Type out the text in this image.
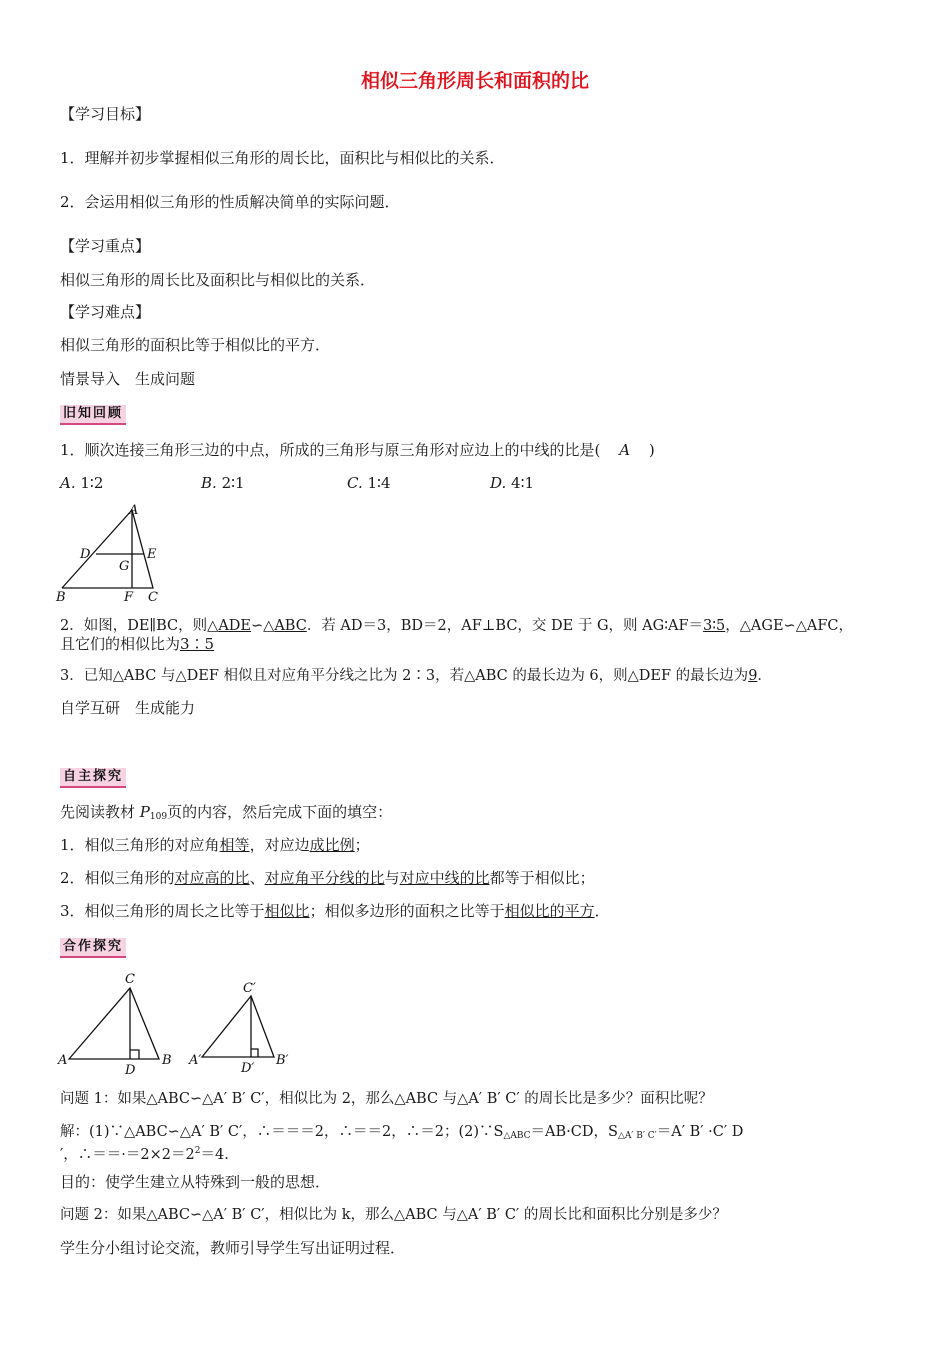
相似三角形周长和面积的比
【学习目标】
1．理解并初步掌握相似三角形的周长比，面积比与相似比的关系．
2．会运用相似三角形的性质解决简单的实际问题．
【学习重点】
相似三角形的周长比及面积比与相似比的关系．
【学习难点】
相似三角形的面积比等于相似比的平方．
情景导入　生成问题
旧知回顾
1．顺次连接三角形三边的中点，所成的三角形与原三角形对应边上的中线的比是( A )
A. 1∶2	B. 2∶1	C. 1∶4	D. 4∶1
A
D	E
G
B	F C
2．如图，DE∥BC，则△ADE∽△ABC．若 AD＝3，BD＝2，AF⊥BC，交 DE 于 G，则 AG∶AF＝3∶5，△AGE∽△AFC，
且它们的相似比为3∶5
3．已知△ABC 与△DEF 相似且对应角平分线之比为 2∶3，若△ABC 的最长边为 6，则△DEF 的最长边为9．
自学互研　生成能力
自主探究
先阅读教材 $P_{109}$页的内容，然后完成下面的填空：
1．相似三角形的对应角相等，对应边成比例；
2．相似三角形的对应高的比、对应角平分线的比与对应中线的比都等于相似比；
3．相似三角形的周长之比等于相似比；相似多边形的面积之比等于相似比的平方．
合作探究
C
A
D
B
C′
A′
D′
B′
问题 1：如果△ABC∽△A′ B′ C′，相似比为 2，那么△ABC 与△A′ B′ C′ 的周长比是多少？面积比呢？
解：(1)∵△ABC∽△A′ B′ C′，∴＝＝＝2，∴＝＝2，∴＝2；$(2)\because S_{\triangle ABC}=AB\cdot CD$，$S_{\triangle A' B' C'}=A'$ B′ ·C′ D
′，$\therefore==\cdot=2\times 2=2^2=4$.
目的：使学生建立从特殊到一般的思想．
问题 2：如果△ABC∽△A′ B′ C′，相似比为 k，那么△ABC 与△A′ B′ C′ 的周长比和面积比分别是多少？
学生分小组讨论交流，教师引导学生写出证明过程．
